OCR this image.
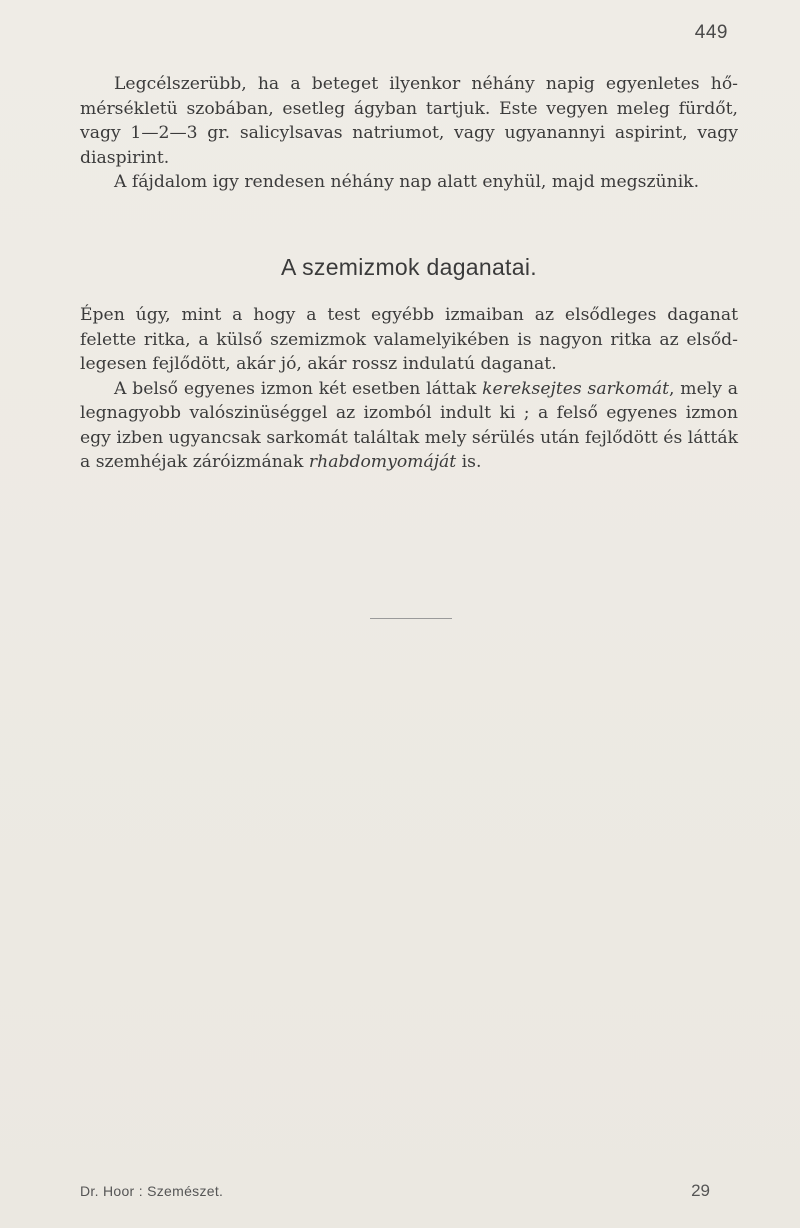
449

Legcélszerübb, ha a beteget ilyenkor néhány napig egyenletes hő-mérsékletü szobában, esetleg ágyban tartjuk. Este vegyen meleg fürdőt, vagy 1—2—3 gr. salicylsavas natriumot, vagy ugyanannyi aspirint, vagy diaspirint.

A fájdalom igy rendesen néhány nap alatt enyhül, majd megszünik.

A szemizmok daganatai.

Épen úgy, mint a hogy a test egyébb izmaiban az elsődleges daganat felette ritka, a külső szemizmok valamelyikében is nagyon ritka az elsőd-legesen fejlődött, akár jó, akár rossz indulatú daganat.

A belső egyenes izmon két esetben láttak kereksejtes sarkomát, mely a legnagyobb valószinüséggel az izomból indult ki ; a felső egyenes izmon egy izben ugyancsak sarkomát találtak mely sérülés után fejlődött és látták a szemhéjak záróizmának rhabdomyomáját is.

Dr. Hoor : Szemészet.	29
